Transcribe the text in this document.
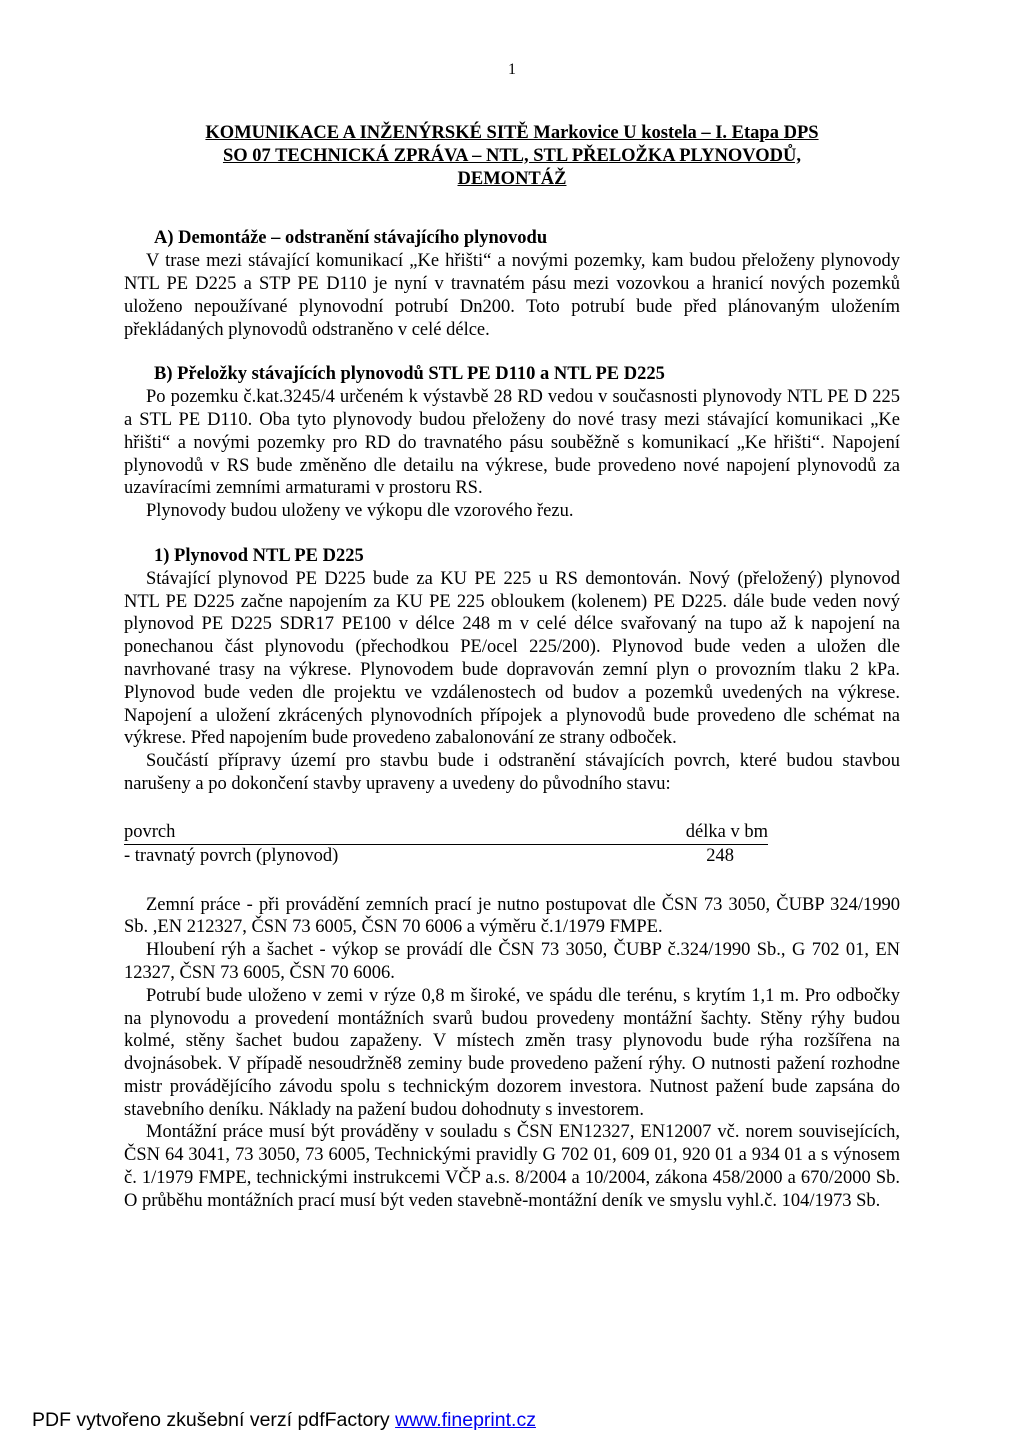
1

KOMUNIKACE A INŽENÝRSKÉ SITĚ Markovice U kostela – I. Etapa DPS

SO 07 TECHNICKÁ ZPRÁVA – NTL, STL PŘELOŽKA PLYNOVODŮ,

DEMONTÁŽ

A) Demontáže – odstranění stávajícího plynovodu

V trase mezi stávající komunikací „Ke hřišti“ a novými pozemky, kam budou přeloženy plynovody NTL PE D225 a STP PE D110 je nyní v travnatém pásu mezi vozovkou a hranicí nových pozemků uloženo nepoužívané plynovodní potrubí Dn200. Toto potrubí bude před plánovaným uložením překládaných plynovodů odstraněno v celé délce.

B) Přeložky stávajících plynovodů STL PE D110 a NTL PE D225

Po pozemku č.kat.3245/4 určeném k výstavbě 28 RD vedou v současnosti plynovody NTL PE D 225 a STL PE D110. Oba tyto plynovody budou přeloženy do nové trasy mezi stávající komunikaci „Ke hřišti“ a novými pozemky pro RD do travnatého pásu souběžně s komunikací „Ke hřišti“. Napojení plynovodů v RS bude změněno dle detailu na výkrese, bude provedeno nové napojení plynovodů za uzavíracími zemními armaturami v prostoru RS.

Plynovody budou uloženy ve výkopu dle vzorového řezu.

1) Plynovod NTL PE D225

Stávající plynovod PE D225 bude za KU PE 225 u RS demontován. Nový (přeložený) plynovod NTL PE D225 začne napojením za KU PE 225 obloukem (kolenem) PE D225. dále bude veden nový plynovod PE D225 SDR17 PE100 v délce 248 m v celé délce svařovaný na tupo až k napojení na ponechanou část plynovodu (přechodkou PE/ocel 225/200). Plynovod bude veden a uložen dle navrhované trasy na výkrese. Plynovodem bude dopravován zemní plyn o provozním tlaku 2 kPa. Plynovod bude veden dle projektu ve vzdálenostech od budov a pozemků uvedených na výkrese. Napojení a uložení zkrácených plynovodních přípojek a plynovodů bude provedeno dle schémat na výkrese. Před napojením bude provedeno zabalonování ze strany odboček.

Součástí přípravy území pro stavbu bude i odstranění stávajících povrch, které budou stavbou narušeny a po dokončení stavby upraveny a uvedeny do původního stavu:

povrch	délka v bm
- travnatý povrch (plynovod)	248

Zemní práce - při provádění zemních prací je nutno postupovat dle ČSN 73 3050, ČUBP 324/1990 Sb. ,EN 212327, ČSN 73 6005, ČSN 70 6006 a výměru č.1/1979 FMPE.

Hloubení rýh a šachet - výkop se provádí dle ČSN 73 3050, ČUBP č.324/1990 Sb., G 702 01, EN 12327, ČSN 73 6005, ČSN 70 6006.

Potrubí bude uloženo v zemi v rýze 0,8 m široké, ve spádu dle terénu, s krytím 1,1 m. Pro odbočky na plynovodu a provedení montážních svarů budou provedeny montážní šachty. Stěny rýhy budou kolmé, stěny šachet budou zapaženy. V místech změn trasy plynovodu bude rýha rozšířena na dvojnásobek. V případě nesoudržně8 zeminy bude provedeno pažení rýhy. O nutnosti pažení rozhodne mistr provádějícího závodu spolu s technickým dozorem investora. Nutnost pažení bude zapsána do stavebního deníku. Náklady na pažení budou dohodnuty s investorem.

Montážní práce musí být prováděny v souladu s ČSN EN12327, EN12007 vč. norem souvisejících, ČSN 64 3041, 73 3050, 73 6005, Technickými pravidly G 702 01, 609 01, 920 01 a 934 01 a s výnosem č. 1/1979 FMPE, technickými instrukcemi VČP a.s. 8/2004 a 10/2004, zákona 458/2000 a 670/2000 Sb. O průběhu montážních prací musí být veden stavebně-montážní deník ve smyslu vyhl.č. 104/1973 Sb.

PDF vytvořeno zkušební verzí pdfFactory www.fineprint.cz
